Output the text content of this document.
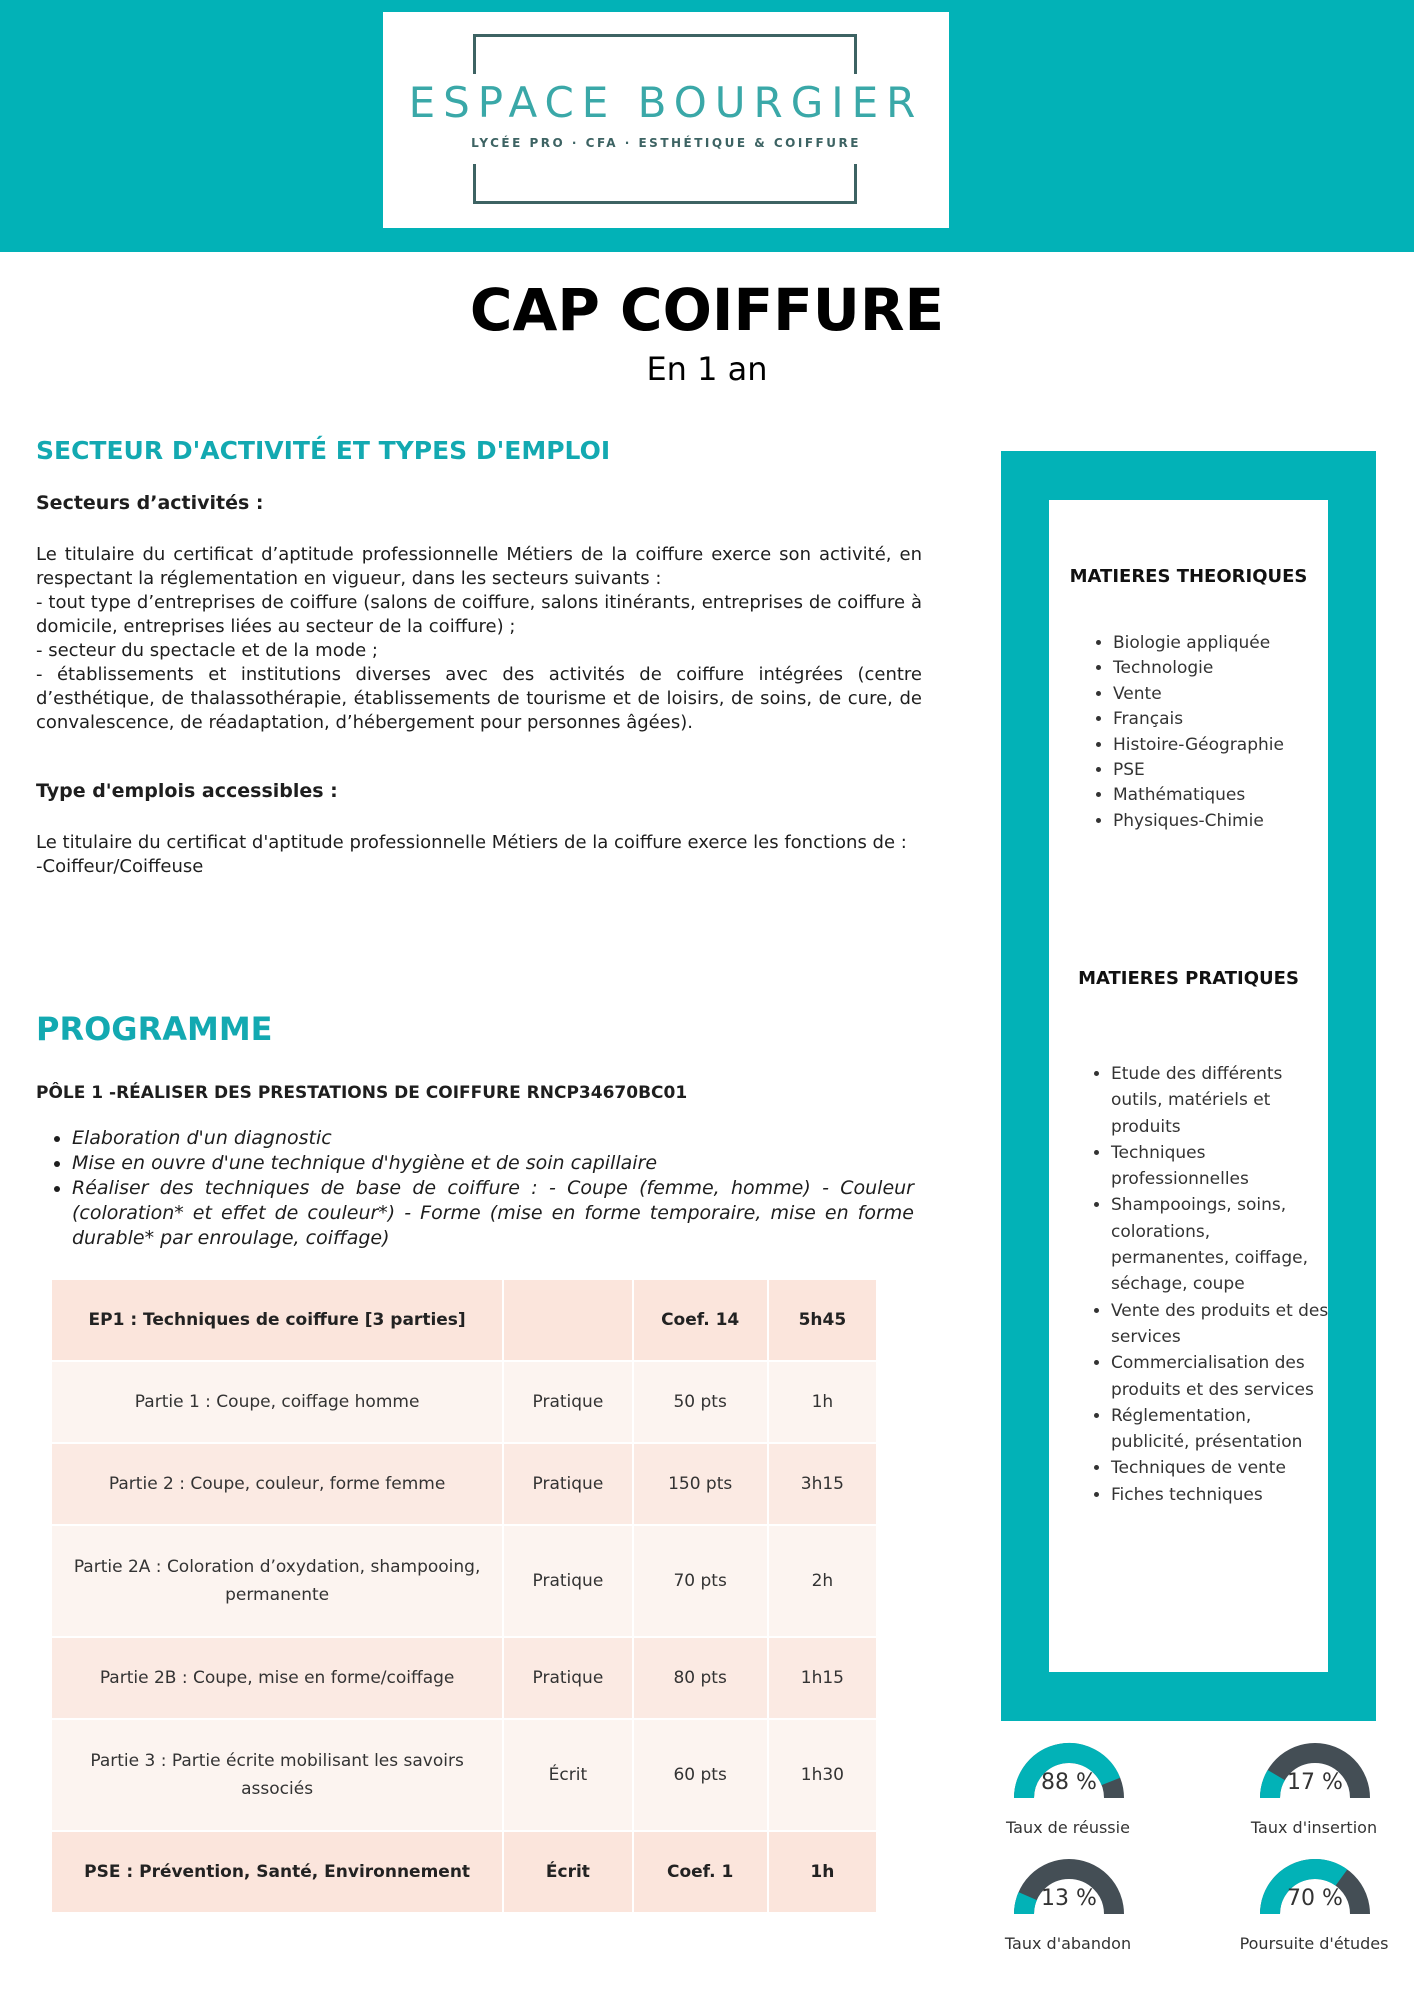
ESPACE BOURGIER
LYCÉE PRO · CFA · ESTHÉTIQUE & COIFFURE
CAP COIFFURE
En 1 an
SECTEUR D'ACTIVITÉ ET TYPES D'EMPLOI
Secteurs d’activités :
Le titulaire du certificat d’aptitude professionnelle Métiers de la coiffure exerce son activité, en respectant la réglementation en vigueur, dans les secteurs suivants :
- tout type d’entreprises de coiffure (salons de coiffure, salons itinérants, entreprises de coiffure à domicile, entreprises liées au secteur de la coiffure) ;
- secteur du spectacle et de la mode ;
- établissements et institutions diverses avec des activités de coiffure intégrées (centre d’esthétique, de thalassothérapie, établissements de tourisme et de loisirs, de soins, de cure, de convalescence, de réadaptation, d’hébergement pour personnes âgées).
Type d'emplois accessibles :
Le titulaire du certificat d'aptitude professionnelle Métiers de la coiffure exerce les fonctions de :
-Coiffeur/Coiffeuse
PROGRAMME
PÔLE 1 -RÉALISER DES PRESTATIONS DE COIFFURE RNCP34670BC01
• Elaboration d'un diagnostic
• Mise en ouvre d'une technique d'hygiène et de soin capillaire
• Réaliser des techniques de base de coiffure : - Coupe (femme, homme) - Couleur (coloration* et effet de couleur*) - Forme (mise en forme temporaire, mise en forme durable* par enroulage, coiffage)
EP1 : Techniques de coiffure [3 parties]		Coef. 14	5h45
Partie 1 : Coupe, coiffage homme	Pratique	50 pts	1h
Partie 2 : Coupe, couleur, forme femme	Pratique	150 pts	3h15
Partie 2A : Coloration d’oxydation, shampooing, permanente	Pratique	70 pts	2h
Partie 2B : Coupe, mise en forme/coiffage	Pratique	80 pts	1h15
Partie 3 : Partie écrite mobilisant les savoirs associés	Écrit	60 pts	1h30
PSE : Prévention, Santé, Environnement	Écrit	Coef. 1	1h
MATIERES THEORIQUES
• Biologie appliquée
• Technologie
• Vente
• Français
• Histoire-Géographie
• PSE
• Mathématiques
• Physiques-Chimie
MATIERES PRATIQUES
• Etude des différents outils, matériels et produits
• Techniques professionnelles
• Shampooings, soins, colorations, permanentes, coiffage, séchage, coupe
• Vente des produits et des services
• Commercialisation des produits et des services
• Réglementation, publicité, présentation
• Techniques de vente
• Fiches techniques
88 %
Taux de réussie
17 %
Taux d'insertion
13 %
Taux d'abandon
70 %
Poursuite d'études
